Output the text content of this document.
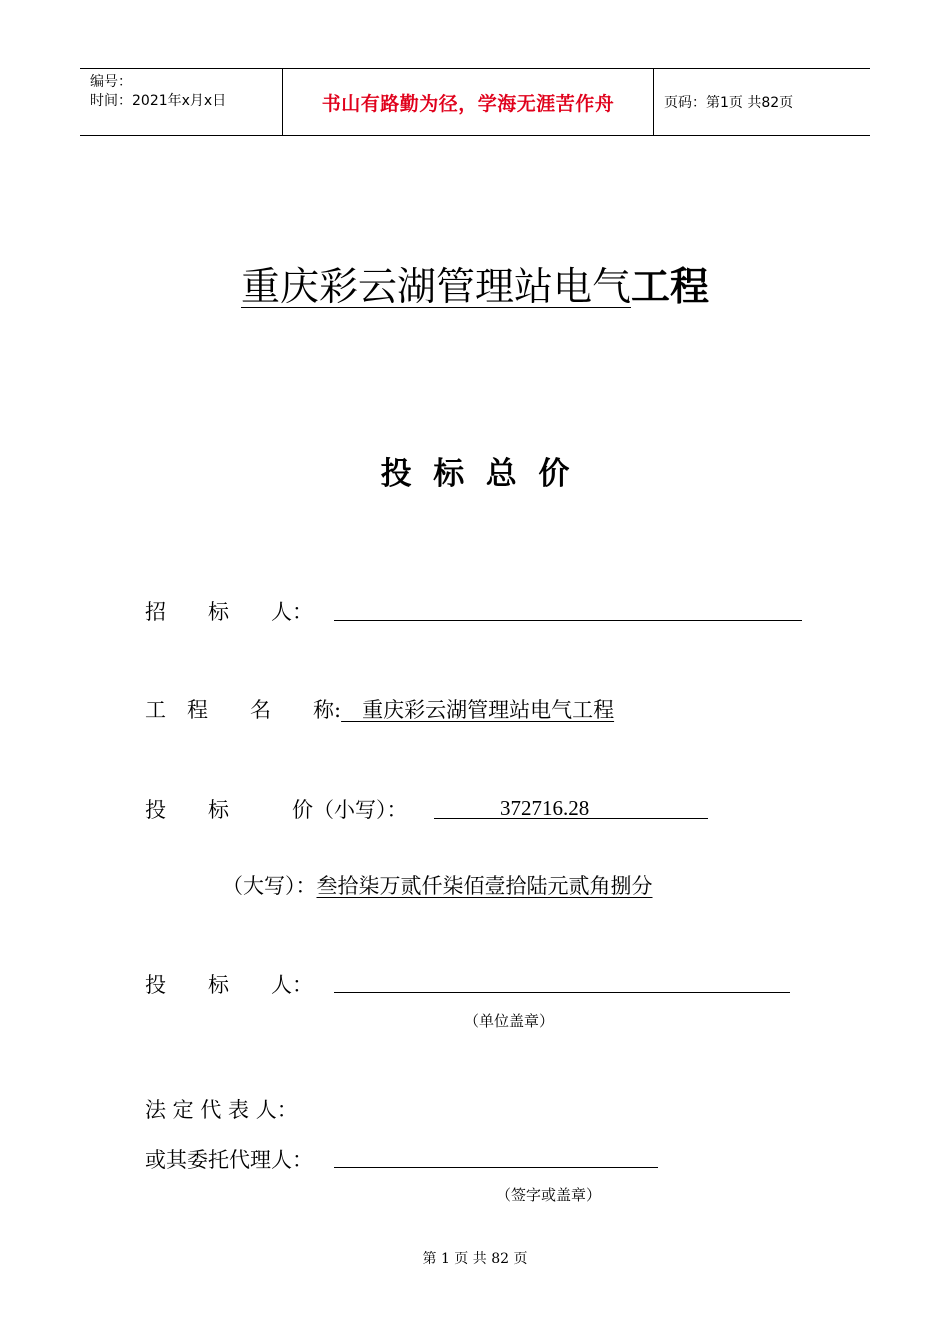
编号：
时间：2021年x月x日	书山有路勤为径，学海无涯苦作舟	页码：第1页 共82页
重庆彩云湖管理站电气工程
投  标  总  价
招　　标　　人：
工　程　　名　　称:　重庆彩云湖管理站电气工程
投　　标　　　价（小写）：	372716.28
（大写）：叁拾柒万贰仟柒佰壹拾陆元贰角捌分
投　　标　　人：
（单位盖章）
法 定 代 表 人：
或其委托代理人：
（签字或盖章）
第 1 页 共 82 页
